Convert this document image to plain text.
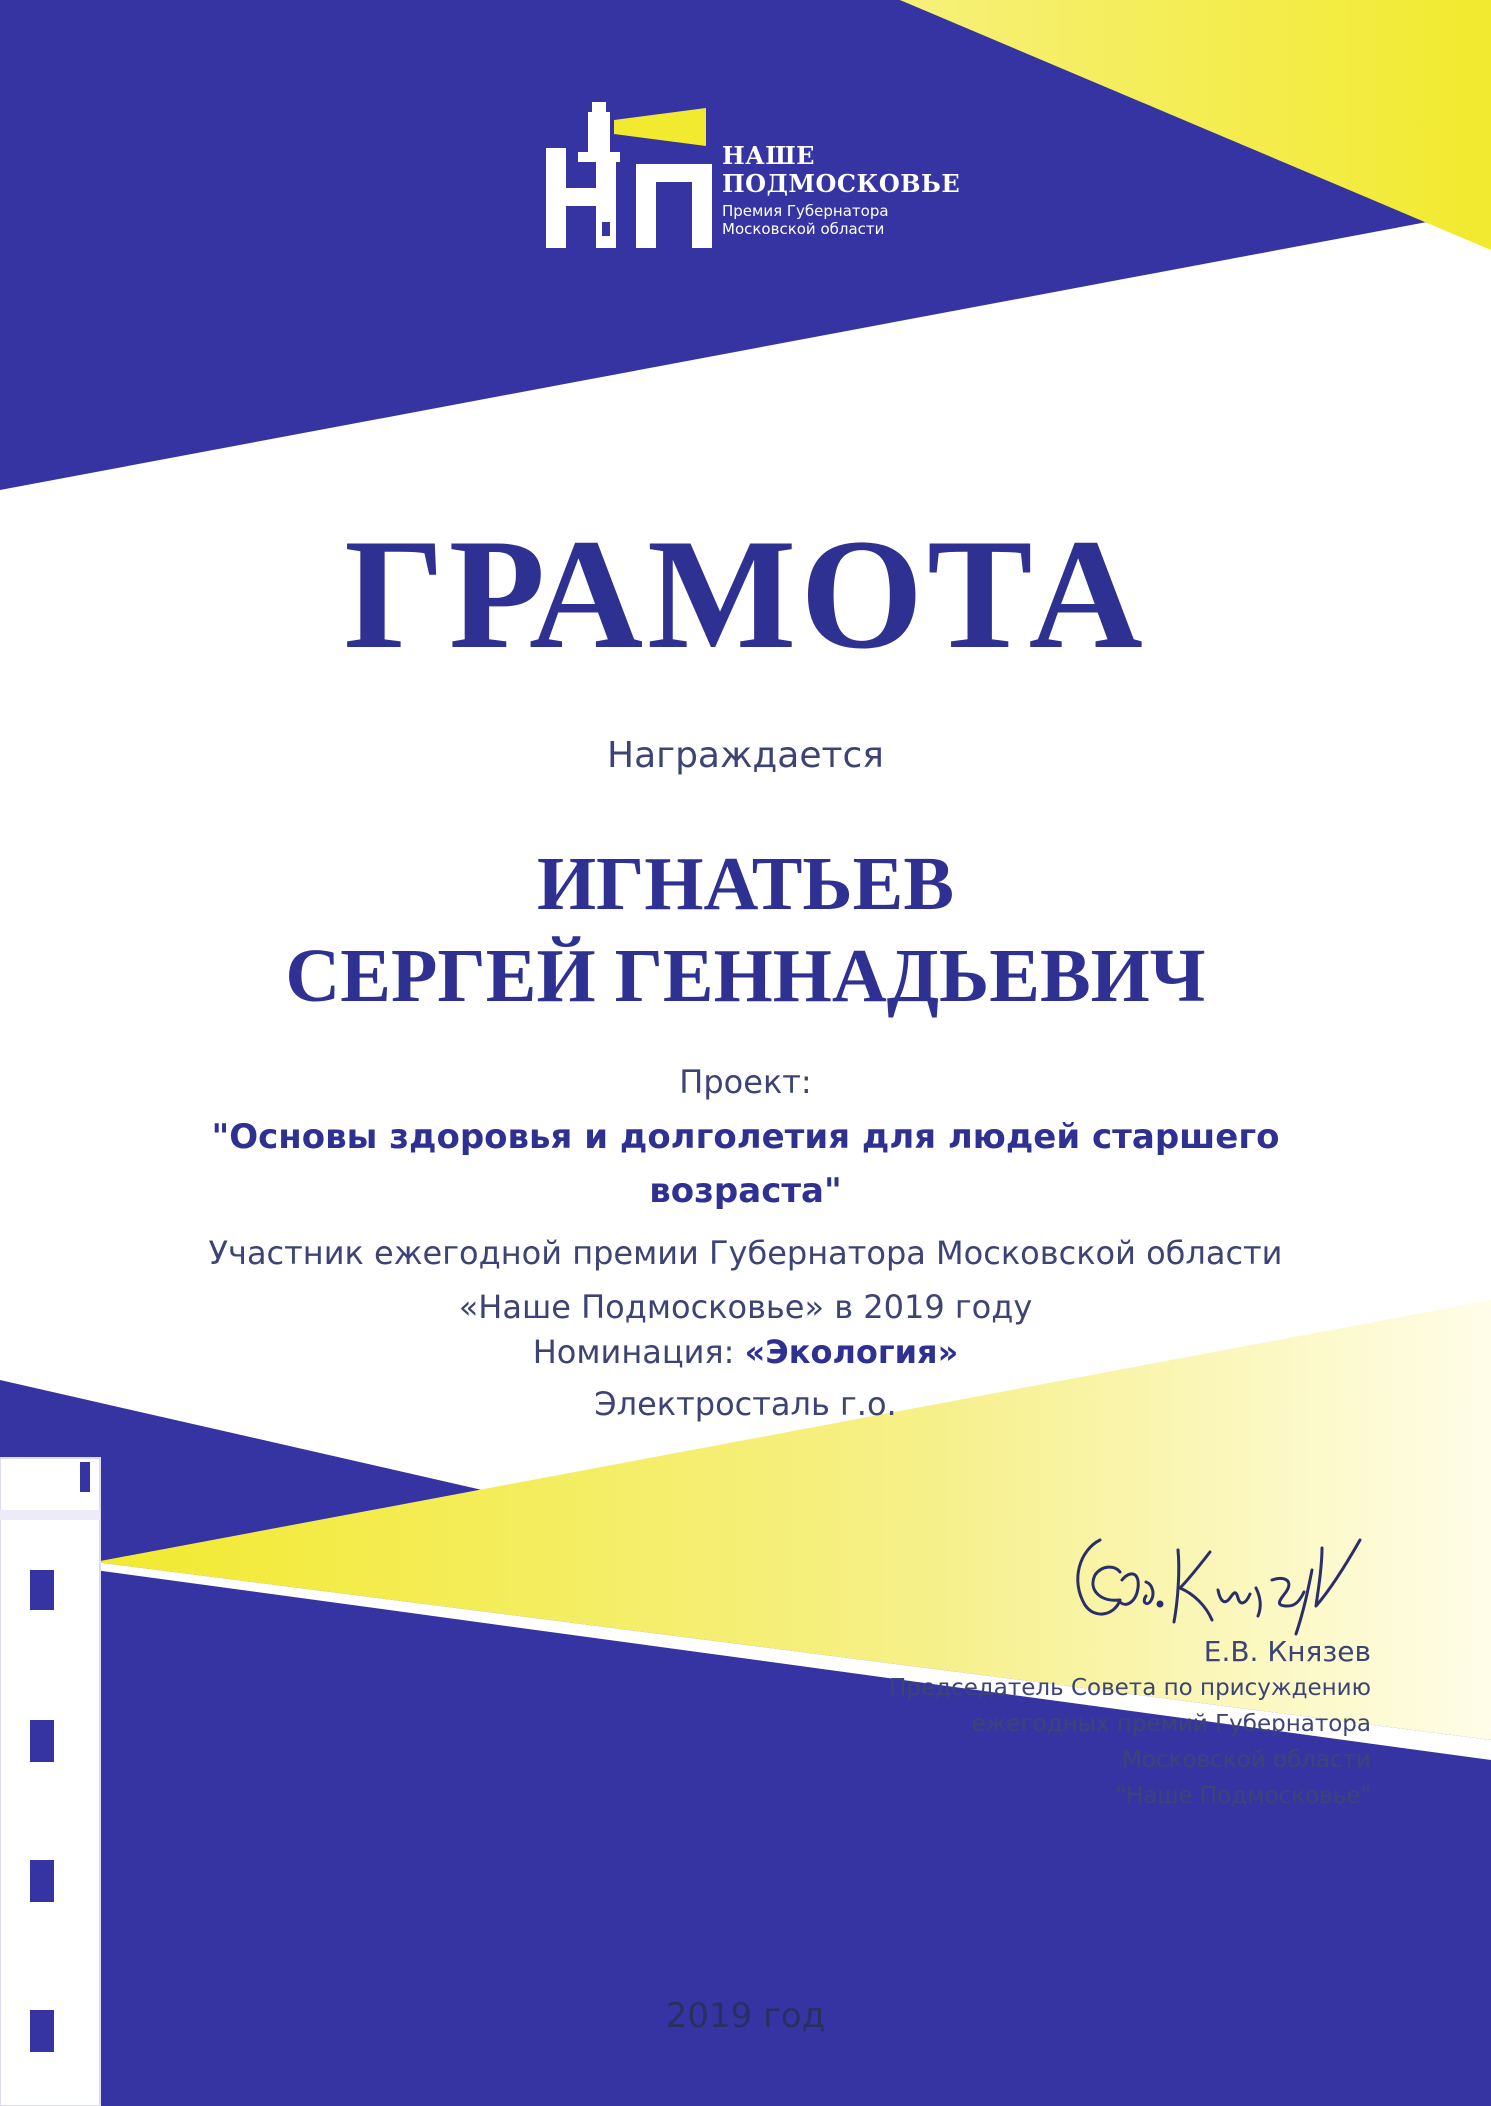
НАШЕ
ПОДМОСКОВЬЕ
Премия Губернатора
Московской области
ГРАМОТА
Награждается
ИГНАТЬЕВ
СЕРГЕЙ ГЕННАДЬЕВИЧ
Проект:
"Основы здоровья и долголетия для людей старшего
возраста"
Участник ежегодной премии Губернатора Московской области
«Наше Подмосковье» в 2019 году
Номинация: «Экология»
Электросталь г.о.
Е.В. Князев
Председатель Совета по присуждению
ежегодных премий Губернатора
Московской области
"Наше Подмосковье"
2019 год
